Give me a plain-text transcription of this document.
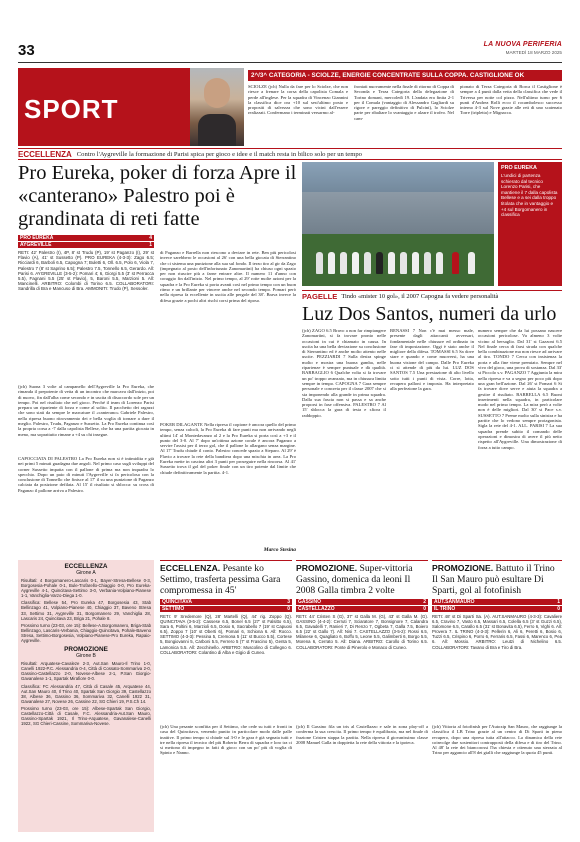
33	LA NUOVA PERIFERIA
MARTEDÌ 18 MARZO 2025
SPORT
2^/3^ CATEGORIA - SCIOLZE, ENERGIE CONCENTRATE SULLA COPPA. CASTIGLIONE OK
SCIOLZE (jch) Nulla da fare per lo Sciolze, che non riesce a frenare la corsa della capolista Comala e perde all'inglese. Per la squadra di Vincenzo Giannini la classifica dice ora +10 sul sest'ultimo posto e propositi di salvezza che sono vicini dall'essere realizzati. Confermano i terminati versarmo al-
frontati nuovamente nella finale di ritorno di Coppa di Seconda e Terza Categoria della delegazione di Torino domani, mercoledì 19. L'andata era finita 2-1 per il Comala (vantaggio di Alessandro Gagliardi su rigore e pareggio definitivo di Pulcini), lo Sciolze parte per ribaltare lo svantaggio e alzare il trofeo. Nel cam-
pionato di Terza Categoria di Borca il Castiglione è sempre a 4 punti dalla vetta della classifica che vede il Triversa per notte col pizzo. Nell'ultimo turno per 6 punti d'Andrea Rolli ecco il rocambolesco successo interno 4-3 sul Nove grazie alle reti di uno scatenato Torre (tripletta) e Mignacca.
ECCELLENZA Contro l'Aygreville la formazione di Parisi spica per gioco e idee e il match resta in bilico solo per un tempo
Pro Eureka, poker di forza Apre il «canterano» Palestro poi è grandinata di reti fatte
PRO EUREKA
L'undici di partenza schierato dal tecnico Lorenzo Parisi, che mantiene il 7 dalla capolista Bellese e a sei dalla troppo titolata che in vantaggio e +4 sul Borgomanero in classifica
PRO EUREKA	4
AYGREVILLE	1
RETI: 42' Palestro (I), 4P, 8' st Trudu (P), 19' st Paganzo (I), 29' st Flavio (A), 41' st Sussetto (P). PRO EUREKA (4-3-3): Zago 6.5; Ricciardi 6, Barboli 6.5, Capogna 7; Buletti 6, Oll. 6.5, Polo 6, Viola 7, Palestro 7 (8' st Saprino 6.5); Palestro 7.5, Tonnello 6.5, Gerardo. All: Parisi 6. AYGREVILLE (3-5-2): Pomari 4; 6, Giorgi 5.5 (3' st Perracca 5.5), Fagnani 5.5 (25' st Flavio), 5, Baroni 5.5, Marzioni 5. All: Mancinelli. ARBITRO: Colombi di Torino 6.5. COLLABORATORI: Sandrilla di Bra e Mancuso di Bra. AMMONITI: Trudo (P), Sessoler.
(jch) Suona 3 volte al campanello dell'Aygreville la Pro Eureka, che rimanda il prepotente di vetta di un incontro che marcava dall'inizio, poi di nuovo, fin dall'alba come secondo e in uscita di disaccordo sole per un tempo. Poi nel risultato che nel gioco. Perché il team di Lorenzo Parisi prepara un ripartente di forza e come al solito. Il pacchetto dei ragazzi che sono stati da sempre le marcature il «canterano» Gabriele Palestro, nella ripresa buono ritrovamento dei e bella voglia di tornare a dare il meglio. Palestro, Trudu, Paganzo e Sussetto. La Pro Eureka continua così la propria corsa a -7 dalla capolista Bellese, che ha una partita giocata in meno, ma soprattutto rimane a +4 su chi insegue.
CAPOCCIATA DI PALESTRO La Pro Eureka non si è intimidita e già nei primi 5 minuti guadagna due angoli. Nel primo caso sugli sviluppi del corner Sussetto impatta con il pallone di prima ma non inquadra lo specchio. Dopo un paio di minuti l'Aygreville si fa pericolosa con la conclusione di Tonnello che finisce al 17' il su una punizione di Paganzo calciata da posizione defilata. Al 15' il risultato si sblocca: su cross di Paganzo il pallone arriva a Palestro.
di Paganzo e Barrella non riescono a deviare in rete. Ben più pericolosi invece sarebbero le occasioni al 26' con una bella giocata di Sierrantino che ci sistema una punizione alla sua sul fondo. Il terzo tiro al gir da Zago (impegnato al posto dell'infortunato Zanomartini) ha chiuso ogni spazio per non riuscire più a farne entrare altre. Il numero 11 d'anno con coraggio fin dall'inizio. Nel primo tempo, al 29' rotte molte azioni per la squadra e la Pro Eureka si porta avanti così nel primo tempo con un buon ritmo e un brillante per vincere anche nel secondo tempo. Pomari però nella ripresa fa eccellente in uscita alle pergole del 38'. Brava invece la difesa grazie a pochi altri rischi corsi prima del riposo.
POKER DILAGANTE Nella ripresa il copione è ancora quello del primo tempo, senza calcoli, la Pro Eureka di fare punti ma non arrivando negli ultimi 14' al Montedavanzo al 2 e la Pro Eureka si porta così a +3 e il punto del 3-0. Al 7' dopo un'ottima azione corale è ancora Paganzo a servire l'assist per il terzo gol, che il pallone lo allargano senza margine. Al 17' Trudu chiude il conto. Palestro concede spazio a Sieparo. Al 29' è Flavio a trovare la rete della bandiera dopo una mischia in area. La Pro Eureka mette in cascina altri 3 punti per proseguire nella rincorsa. Al 41' Sussetto trova il gol del poker finale con un tiro potente dal limite che chiude definitivamente la partita. 4-1.
Marco Stesina
PAGELLE Tindo «mister 10 gol», il 2007 Capogna fa vedere personalità
Luz Dos Santos, numeri da urlo
(jch) ZAGO 6.5 Bravo a non far rimpiangere Zanomartini, si fa trovare pronto nelle occasioni in cui è chiamato in causa. In uscita ha una bella deviazione su conclusione di Sierrantino ed è anche molto attento nelle uscite. PEZZIARDI 7 Sulla destra spinge molto e mostra una buona gamba, nelle ripartenze è sempre puntuale e dà qualità. BARBAGLIO 6 Qualche volta si fa trovare un po' troppo avanzato, ma in chiusura limita sempre in tempo. CAPOGNA 7 Gara sempre personale e concreta per il classe 2007 che si sta imponendo alla grande in prima squadra. Dalla sua fascia non si passa e sa anche proporsi in fase offensiva. PALESTRO 7 Al 15' sblocca la gara di testa e sfiora il raddoppio.
BENASSI 7 Non c'è mai messo male, presente dagli attaccanti avversari, fondamentale nelle chiusure ed ordinato in fase di impostazione. Oggi è stato anche il migliore della difesa. TOMASSI 6.5 Sa dove stare e quando e come muoversi, ha una buona visione del campo. Dalle Pro Eureka ci si attende di più da lui. LUZ DOS SANTOS 7.5 Una prestazione di alto livello sotto tutti i punti di vista. Corre, lotta, recupera palloni e imposta. Ha interpretato alla perfezione la gara.
numero sempre che da lui possano nascere occasioni pericolose. Va almeno 3 volte vicino al bersaglio. Dal 31' st Gazzoni 6.5 Nel finale cerca di farsi strada con qualche bella combinazione ma non riesce ad arrivare al tiro. TONDO 7 Cerca con insistenza la porta e alla fine viene premiato. Sempre nel vivo del gioco, una prova di sostanza. Dal 33' st Piccolo s.v. PAGANZO 7 Aggiunta la mira nella ripresa e va a segno per poco più dopo una gran bell'azione. Dal 26' st Pomari 6 Si fa trovare dove serve e aiuta la squadra a gestire il risultato. BARRELLA 6.5 Buoni inserimenti nella squadra, in particolare modo nel primo tempo. La mira però a volte non è delle migliori. Dal 30' st Pace s.v. SUSSETTO 7 Preme molto sulla sinistra e ha partite che lo vedono sempre protagonista. Sigla la rete del 4-1. ALL. PARISI 7 La sua squadra prende subito il comando delle operazioni e dimostra di avere il più netto rispetto all'Aygreville. Una dimostrazione di forza a tutto campo.
ECCELLENZA
Girone A
Risultati: 4 Borgomanero-Lascaris 0-1, Bayer-Stresa-Bellese 0-3, Borgosesia-Pohale 0-1, Bule-Trofarello-Chiaggio 0-0, Pro Eureka-Aygreville 4-1, Quincitava-Settimo 3-0, Verbania-Volpiano-Pianese 1-1, Vanchiglia-Varzo-Diega 1-0.
Classifica: Bellese 54, Pro Eureka 47, Borgosesia 43, Stab Bellinzago 41, Volpiano-Pianese 40, Chiaggio 37, Baveno Stresa 33, Settimo 31, Aygreville 31, Borgomanero 29, Vanchiglia 28, Lascaris 24, Quincitava 23, Briga 21, Pohale 8.
Prossimo turno (23-03, ore 15): Bellese-A.Borgomanero, Briga-Stab Bellinzago, Lascaris-Verbania, Chiaggio-Quincitava, Pohale-Baveno Stresa, Settimo-Borgosesia, Volpiano-Pianese-Pro Eureka, Rapaio-Aygreville.
PROMOZIONE
Girone B
Risultati: Arquatese-Cavaleze 2-3, Aut.San Mauro-Il Trino 1-0, Canelli 1922-P.C. Alessandria 0-4, Città di Cossato-Sommariva 2-0, Gassino-Castellazzo 2-0, Novese-Albese 2-1, P.San Giorgio-Gavanalese 1-1, Spartak Mirafiore 0-0.
Classifica: FC Alessandria 47, Città di Casale 45, Arquatese 44, Aut.San Mauro 40, Il Trino 40, Spartak San Giorgio 39, Castellazzo 38, Albese 36, Gassino 36, Sommariva 32, Canelli 1922 31, Gavanalese 27, Novese 26, Cassine 22, SG Chieri 19, P.S.Ch 14.
Prossimo turno (23-03, ore 15): Albese-Spartak San Giorgio, Castellazzo-Città di Casale, F.C. Alessandria-Aut.San Mauro, Gassino-Spartak 1921, Il Trino-Arquatese, Gavanalese-Canelli 1922, SG Chieri-Cassine, Sommariva-Novese.
ECCELLENZA. Pesante ko Settimo, trasferta pessima Gara compromessa in 45'
QUINCITAVA	3
SETTIMO	0
RETI: 9' Sredemore (Q), 28' Martelli (Q), 44' rig. Zoppo (Q). QUINCITAVA (3-5-2): Cassese 6.5, Bonel 6.5 (27' st Falsitto 6.5), Sara 6, Poltini 6, Marzioli 6.5, Dosio 6, Sacrabello 7 (19' st Capuosi 6.5), Zoppo 7 (10' st Oberti 6), Pomari 6, Schiona 6. All: Rocco. SETTIMO (4-3-3): Pessina 5, Cremona 5 (11' st Bucco 5.5), Cortese 5, Bongiovanni 5, Carboni 5.5, Ferrero 5 (7' st Frascino 5), Genta 5, Lamonica 5.5. All: Zecchinello. ARBITRO: Muscolino di Collegno 6. COLLABORATORI: Colantino di Alba e Gigio di Cuneo.
(jch) Una pesante sconfitta per il Settimo, che cede su tutti e fronti in casa del Quincitava, venendo punito in particolare modo dalle palle inattive. Il primo tempo si chiude sul 3-0 e le gara è già segnata tutti e tre nella ripresa il tecnico del più Roberto Berra di squadra e loro tra ci si mettono di impegno in fatti di gioco con un po' più di voglia di Spinto e Nanno.
PROMOZIONE. Super-vittoria Gassino, domenica da leoni Il 2008 Galla timbra 2 volte
GASSINO	2
CASTELLAZZO	0
RETI: 44' Cristen S (G), 37' st Galla M. (G), 43' st Galla M. (G). GASSINO (4-4-2): Cerruti 7, Sciaratore 7, Bonsignore 7, Calandra 6.5, Gavadelli 7, Ranieri 7, Di Renzo 7, Ogbeta 7, Galla 7.5, Boiero 6.5 (22' st Gallo 7). All: Nisi 7. CASTELLAZZO (3-5-2): Rossi 6.5, Milanese 6, Quagliato 6, Boffo 5, Leone 5.5, Galimberti 6, Borgo 5.5, Morena 6, Cerrato 5. All: Diana. ARBITRO: Carollo di Torino 6.5. COLLABORATORI: Ponte di Pinerolo e Monaco di Cuneo.
(jch) Il Gassino fila un tris al Castellazzo e sale in zona play-off a conferma la sua crescita. Il primo tempo è equilibrato, ma nel finale di frazione Cristen stappa la partita. Nella ripresa il giovanissimo classe 2008 Manuel Galla in doppietta la rete della vittoria e la ipoteca.
PROMOZIONE. Battuto il Trino Il San Mauro può esultare Di Sparti, gol al fotofinish
AUT.SANMAURO	1
IL TRINO	0
RETI: 48' st Di Sparti Sa. (A). AUT.SANMAURO (4-3-3): Cavaliere 6.5, Cravino 7, Vasto 6.5, Massari 6.5, Colella 6.5 (3' st Guzzi 6.5), Salomone 6.5, Carallo 6.5 (31' st Bonavita 6.5), Ferro 6, Vighi 6. All: Provera 7. IL TRINO (4-3-3): Pellerin 6, Ali 6, Peretti 6, Bosio 6, Tuzzi 6.5, Crispino 6, Porro 6, Ferraris 6.5, Fassi 6, Marenco 6, Pea 6. All: Mossio. ARBITRO: Leutzi di Nichelino 6.5. COLLABORATORI: Tavano di Bra e Tiro di Bra.
(jch) Vittoria al fotofinish per l'Autoxip San Mauro, che raggiunge la classifica il LB Trino grazie al un centro di Di Sparti in pieno recupero, dopo una ripresa tutta all'attacco. La dinamica della rete coinvolge due sostenitori contrapposti della difesa e di tiro del Trino. Al 48' la rete dei biancorossi l'ha chiesta e ottenuto una sterzata al Trino per aggancio all'8 dei gialli che raggiunge la quota 45 punti.
